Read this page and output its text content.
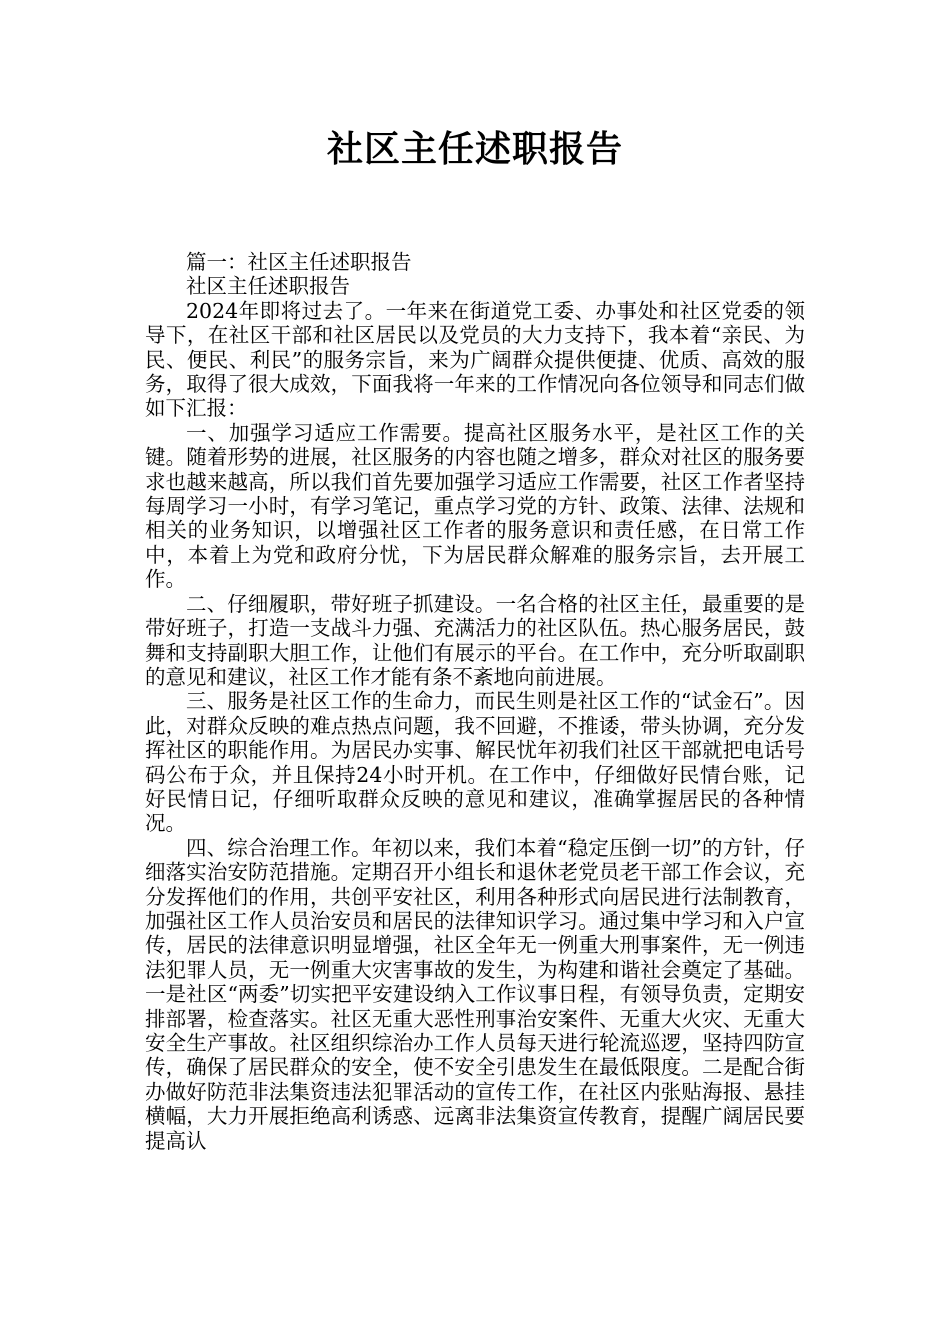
社区主任述职报告

篇一：社区主任述职报告

社区主任述职报告

2024年即将过去了。一年来在街道党工委、办事处和社区党委的领导下，在社区干部和社区居民以及党员的大力支持下，我本着“亲民、为民、便民、利民”的服务宗旨，来为广阔群众提供便捷、优质、高效的服务，取得了很大成效，下面我将一年来的工作情况向各位领导和同志们做如下汇报：

一、加强学习适应工作需要。提高社区服务水平，是社区工作的关键。随着形势的进展，社区服务的内容也随之增多，群众对社区的服务要求也越来越高，所以我们首先要加强学习适应工作需要，社区工作者坚持每周学习一小时，有学习笔记，重点学习党的方针、政策、法律、法规和相关的业务知识，以增强社区工作者的服务意识和责任感，在日常工作中，本着上为党和政府分忧，下为居民群众解难的服务宗旨，去开展工作。

二、仔细履职，带好班子抓建设。一名合格的社区主任，最重要的是带好班子，打造一支战斗力强、充满活力的社区队伍。热心服务居民，鼓舞和支持副职大胆工作，让他们有展示的平台。在工作中，充分听取副职的意见和建议，社区工作才能有条不紊地向前进展。

三、服务是社区工作的生命力，而民生则是社区工作的“试金石”。因此，对群众反映的难点热点问题，我不回避，不推诿，带头协调，充分发挥社区的职能作用。为居民办实事、解民忧年初我们社区干部就把电话号码公布于众，并且保持24小时开机。在工作中，仔细做好民情台账，记好民情日记，仔细听取群众反映的意见和建议，准确掌握居民的各种情况。

四、综合治理工作。年初以来，我们本着“稳定压倒一切”的方针，仔细落实治安防范措施。定期召开小组长和退休老党员老干部工作会议，充分发挥他们的作用，共创平安社区，利用各种形式向居民进行法制教育，加强社区工作人员治安员和居民的法律知识学习。通过集中学习和入户宣传，居民的法律意识明显增强，社区全年无一例重大刑事案件，无一例违法犯罪人员，无一例重大灾害事故的发生，为构建和谐社会奠定了基础。一是社区“两委”切实把平安建设纳入工作议事日程，有领导负责，定期安排部署，检查落实。社区无重大恶性刑事治安案件、无重大火灾、无重大安全生产事故。社区组织综治办工作人员每天进行轮流巡逻，坚持四防宣传，确保了居民群众的安全，使不安全引患发生在最低限度。二是配合街办做好防范非法集资违法犯罪活动的宣传工作，在社区内张贴海报、悬挂横幅，大力开展拒绝高利诱惑、远离非法集资宣传教育，提醒广阔居民要提高认
